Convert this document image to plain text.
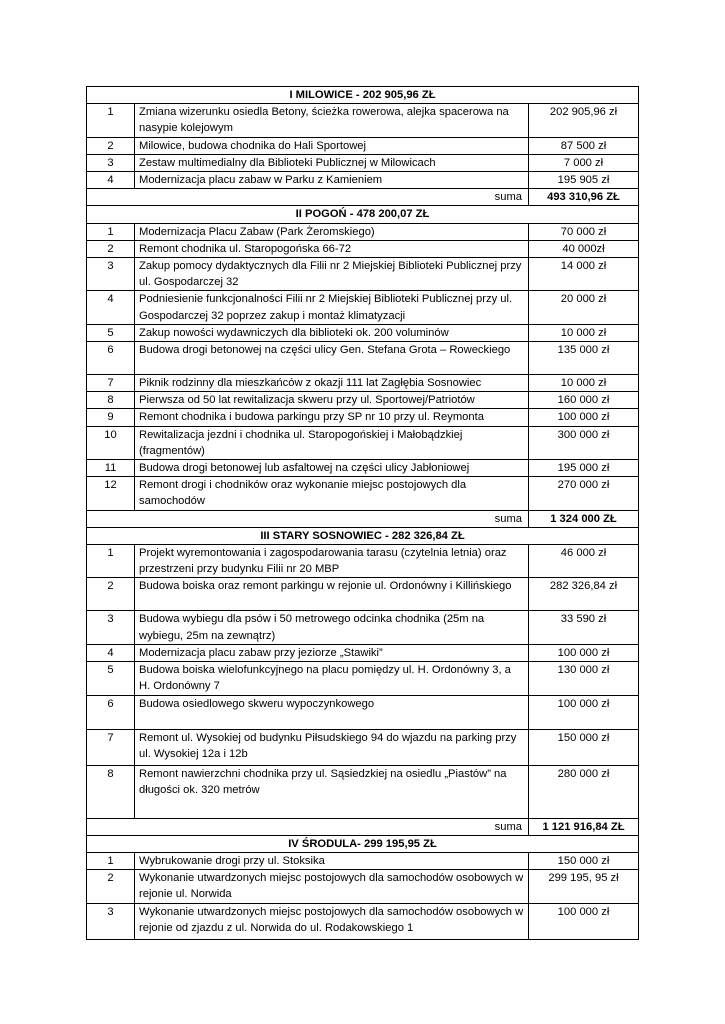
I MILOWICE - 202 905,96 ZŁ		
1	Zmiana wizerunku osiedla Betony, ścieżka rowerowa, alejka spacerowa na nasypie kolejowym	202 905,96 zł
2	Milowice, budowa chodnika do Hali Sportowej	87 500 zł
3	Zestaw multimedialny dla Biblioteki Publicznej w Milowicach	7 000 zł
4	Modernizacja placu zabaw w Parku z Kamieniem	195 905 zł
	suma	493 310,96 ZŁ
II POGOŃ - 478 200,07 ZŁ		
1	Modernizacja Placu Zabaw (Park Żeromskiego)	70 000 zł
2	Remont chodnika ul. Staropogońska 66-72	40 000zł
3	Zakup pomocy dydaktycznych dla Filii nr 2 Miejskiej Biblioteki Publicznej przy ul. Gospodarczej 32	14 000 zł
4	Podniesienie funkcjonalności Filii nr 2 Miejskiej Biblioteki Publicznej przy ul. Gospodarczej 32 poprzez zakup i montaż klimatyzacji	20 000 zł
5	Zakup nowości wydawniczych dla biblioteki ok. 200 voluminów	10 000 zł
6	Budowa drogi betonowej na części ulicy Gen. Stefana Grota – Roweckiego	135 000 zł
7	Piknik rodzinny dla mieszkańców z okazji 111 lat Zagłębia Sosnowiec	10 000 zł
8	Pierwsza od 50 lat rewitalizacja skweru przy ul. Sportowej/Patriotów	160 000 zł
9	Remont chodnika i budowa parkingu przy SP nr 10 przy ul. Reymonta	100 000 zł
10	Rewitalizacja jezdni i chodnika ul. Staropogońskiej i Małobądzkiej (fragmentów)	300 000 zł
11	Budowa drogi betonowej lub asfaltowej na części ulicy Jabłoniowej	195 000 zł
12	Remont drogi i chodników oraz wykonanie miejsc postojowych dla samochodów	270 000 zł
	suma	1 324 000 ZŁ
III STARY SOSNOWIEC - 282 326,84 ZŁ		
1	Projekt wyremontowania i zagospodarowania tarasu (czytelnia letnia) oraz przestrzeni przy budynku Filii nr 20 MBP	46 000 zł
2	Budowa boiska oraz remont parkingu w rejonie ul. Ordonówny i Killińskiego	282 326,84 zł
3	Budowa wybiegu dla psów i 50 metrowego odcinka chodnika (25m na wybiegu, 25m na zewnątrz)	33 590 zł
4	Modernizacja placu zabaw przy jeziorze „Stawiki”	100 000 zł
5	Budowa boiska wielofunkcyjnego na placu pomiędzy ul. H. Ordonówny 3, a H. Ordonówny 7	130 000 zł
6	Budowa osiedlowego skweru wypoczynkowego	100 000 zł
7	Remont ul. Wysokiej od budynku Piłsudskiego 94 do wjazdu na parking przy ul. Wysokiej 12a i 12b	150 000 zł
8	Remont nawierzchni chodnika przy ul. Sąsiedzkiej na osiedlu „Piastów” na długości ok. 320 metrów	280 000 zł
	suma	1 121 916,84 ZŁ
IV ŚRODULA- 299 195,95 ZŁ		
1	Wybrukowanie drogi przy ul. Stoksika	150 000 zł
2	Wykonanie utwardzonych miejsc postojowych dla samochodów osobowych w rejonie ul. Norwida	299 195, 95 zł
3	Wykonanie utwardzonych miejsc postojowych dla samochodów osobowych w rejonie od zjazdu z ul. Norwida do ul. Rodakowskiego 1	100 000 zł
